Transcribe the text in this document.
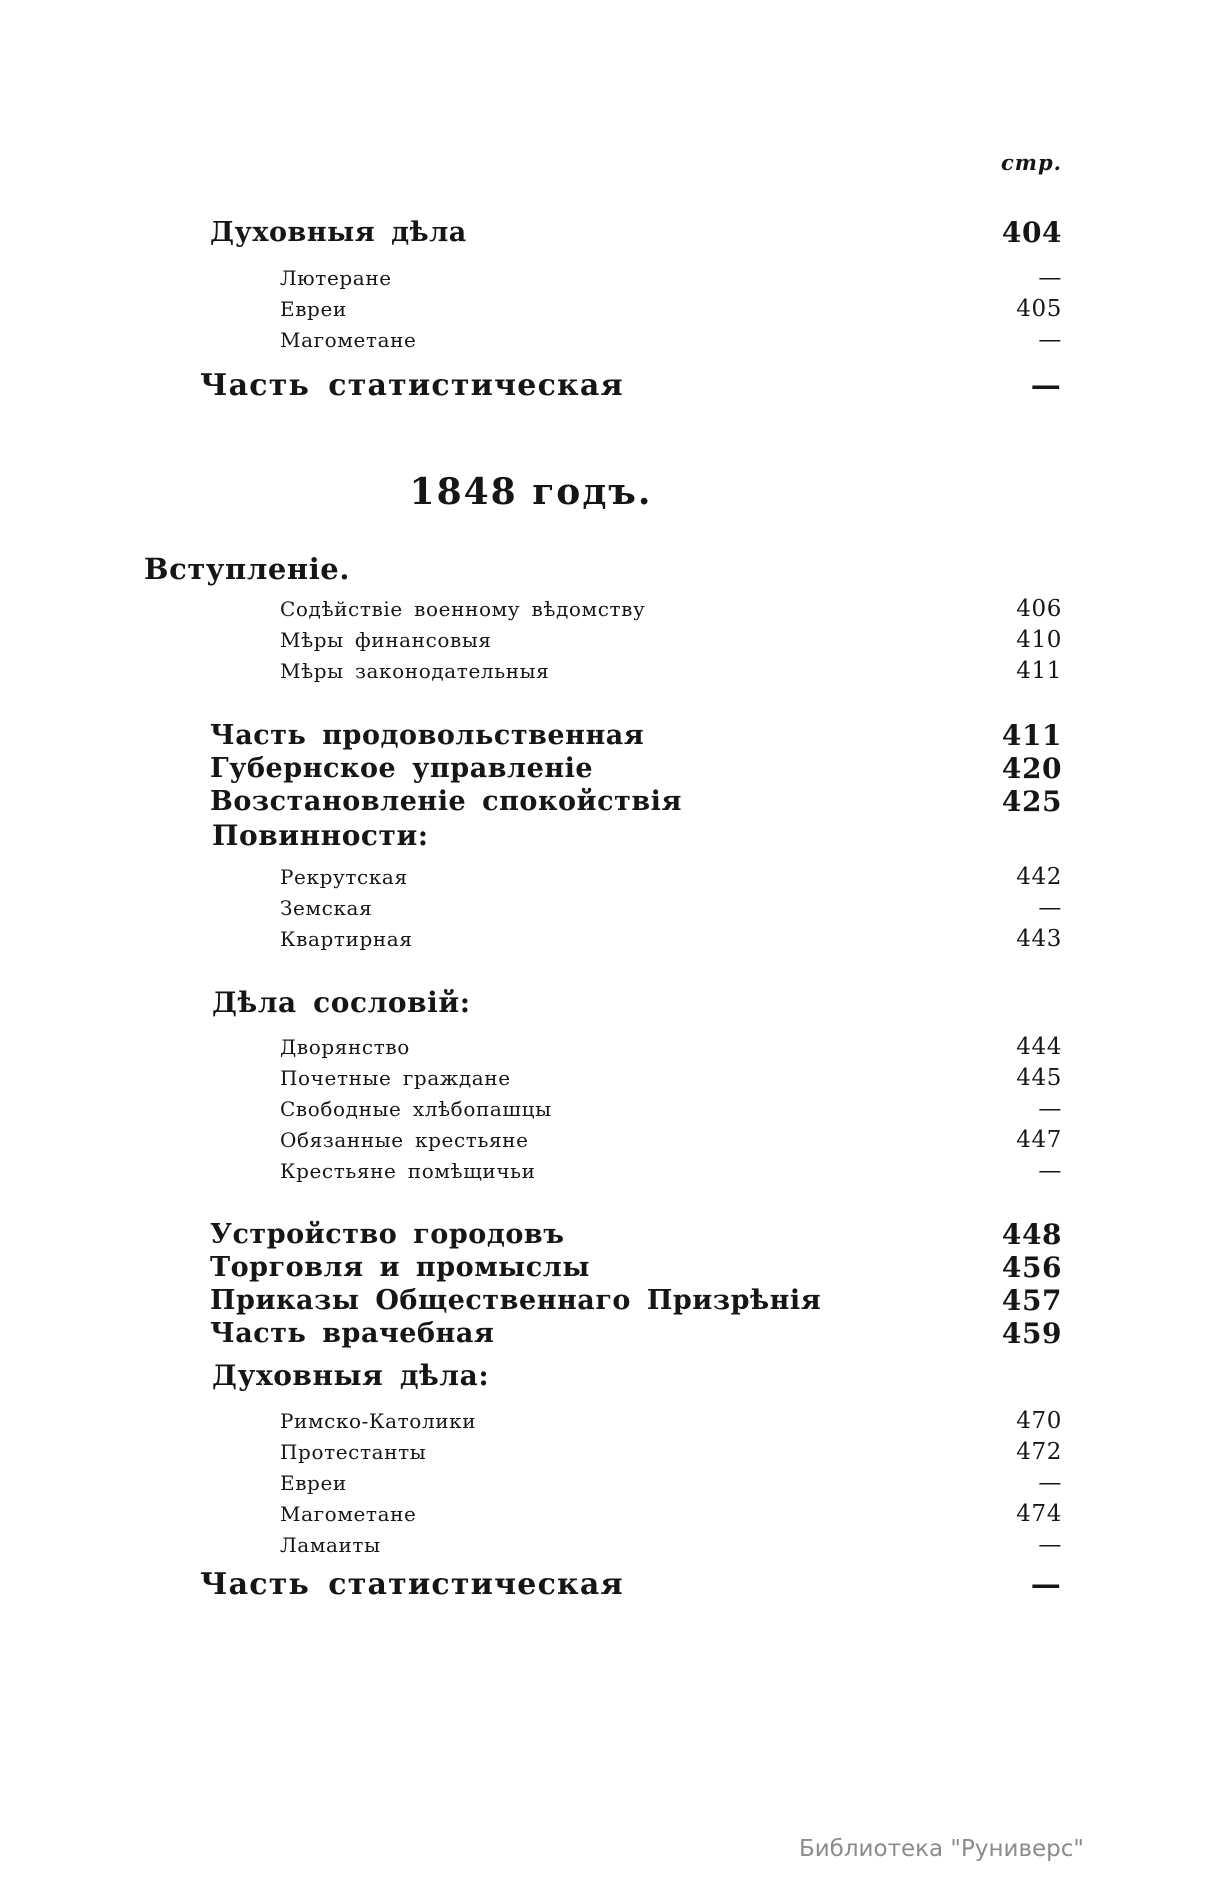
стр.
Духовныя дѣла	404
Лютеране	—
Евреи	405
Магометане	—
Часть статистическая	—
1848 годъ.
Вступленіе.
Содѣйствіе военному вѣдомству	406
Мѣры финансовыя	410
Мѣры законодательныя	411
Часть продовольственная	411
Губернское управленіе	420
Возстановленіе спокойствія	425
Повинности:
Рекрутская	442
Земская	—
Квартирная	443
Дѣла сословій:
Дворянство	444
Почетные граждане	445
Свободные хлѣбопашцы	—
Обязанные крестьяне	447
Крестьяне помѣщичьи	—
Устройство городовъ	448
Торговля и промыслы	456
Приказы Общественнаго Призрѣнія	457
Часть врачебная	459
Духовныя дѣла:
Римско-Католики	470
Протестанты	472
Евреи	—
Магометане	474
Ламаиты	—
Часть статистическая	—
Библиотека "Руниверс"
